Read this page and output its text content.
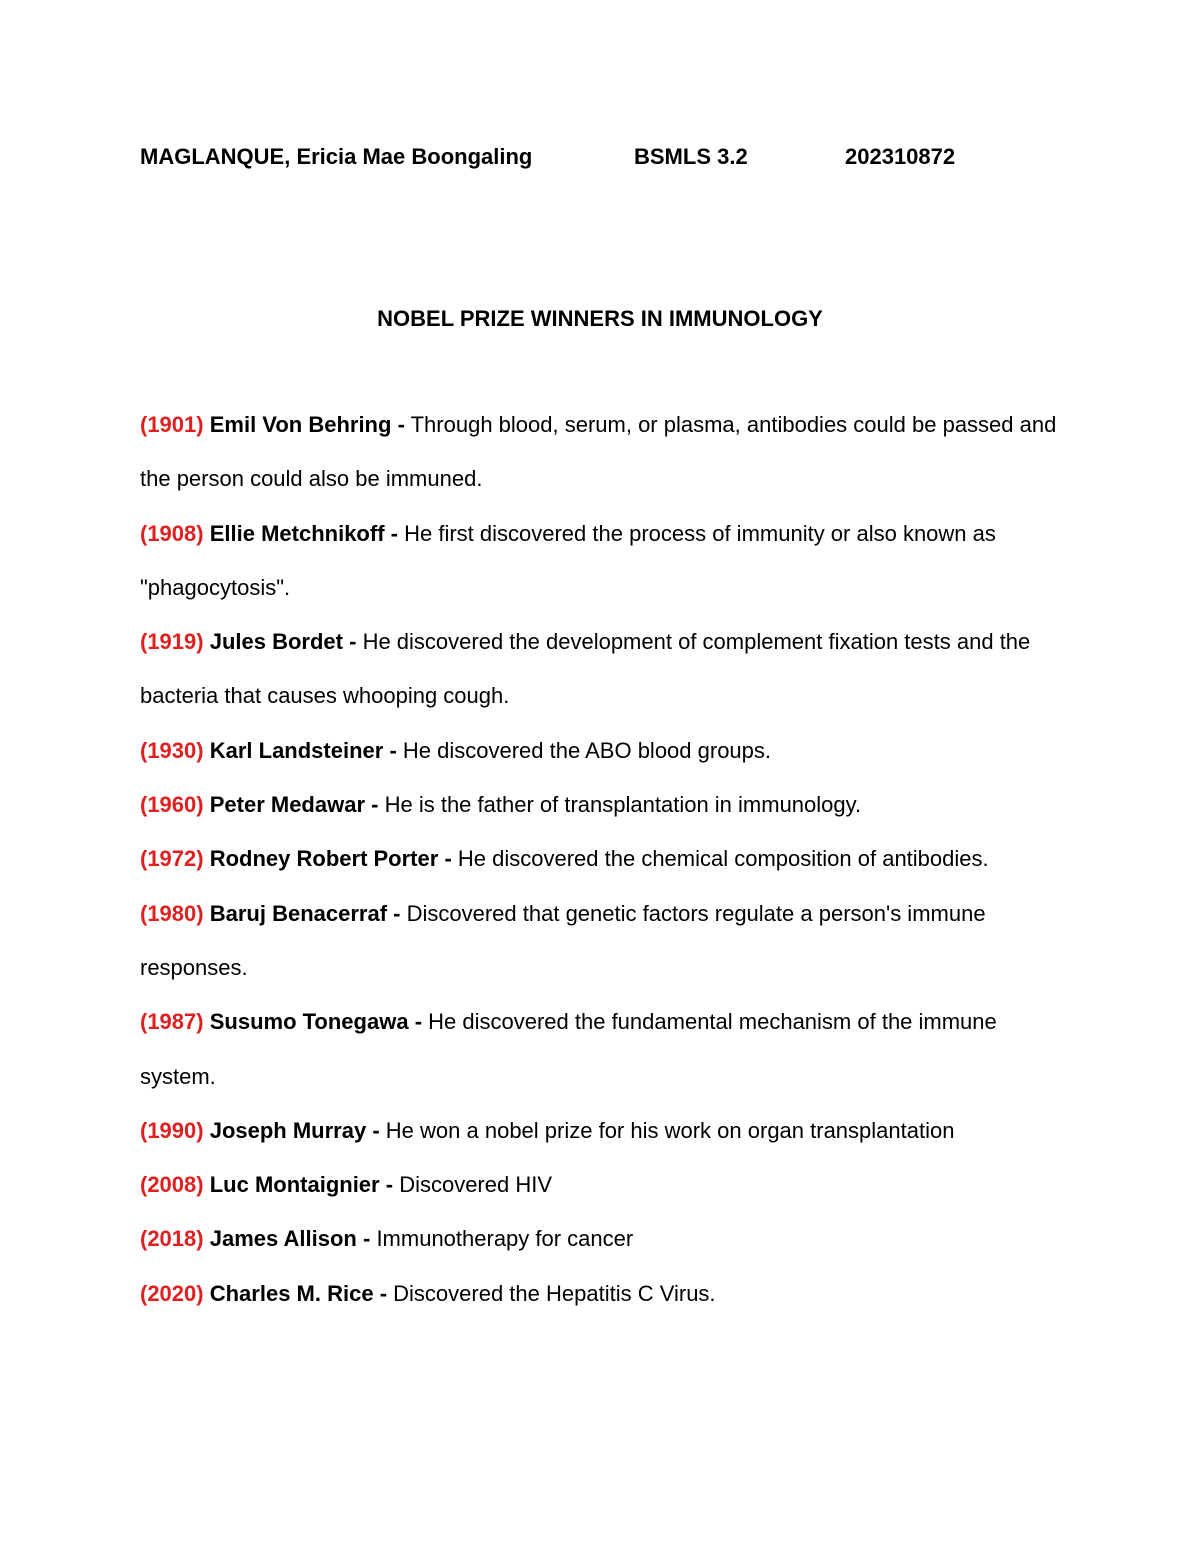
MAGLANQUE, Ericia Mae Boongaling	BSMLS 3.2	202310872
NOBEL PRIZE WINNERS IN IMMUNOLOGY
(1901) Emil Von Behring - Through blood, serum, or plasma, antibodies could be passed and the person could also be immuned.
(1908) Ellie Metchnikoff - He first discovered the process of immunity or also known as "phagocytosis".
(1919) Jules Bordet - He discovered the development of complement fixation tests and the bacteria that causes whooping cough.
(1930) Karl Landsteiner - He discovered the ABO blood groups.
(1960) Peter Medawar - He is the father of transplantation in immunology.
(1972) Rodney Robert Porter - He discovered the chemical composition of antibodies.
(1980) Baruj Benacerraf - Discovered that genetic factors regulate a person's immune responses.
(1987) Susumo Tonegawa - He discovered the fundamental mechanism of the immune system.
(1990) Joseph Murray - He won a nobel prize for his work on organ transplantation
(2008) Luc Montaignier - Discovered HIV
(2018) James Allison - Immunotherapy for cancer
(2020) Charles M. Rice - Discovered the Hepatitis C Virus.
